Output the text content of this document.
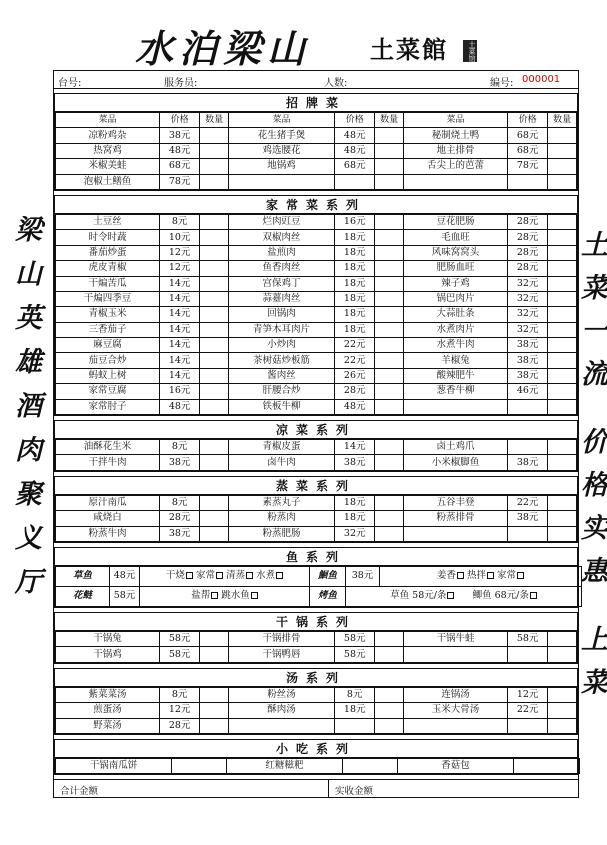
水泊梁山 土菜館	土菜馆
梁山英雄酒肉聚义厅	土菜一流 价格实惠 上菜
台号:	服务员:	人数:	编号: 000001
招牌菜
菜品	价格	数量	菜品	价格	数量	菜品	价格	数量
凉粉鸡杂	38元		花生猪手煲	48元		秘制烧土鸭	68元	
热窝鸡	48元		鸡选腰花	48元		地主排骨	68元	
米椒美蛙	68元		地锅鸡	68元		舌尖上的芭蕾	78元	
泡椒土鳝鱼	78元							
家常菜系列
土豆丝	8元		烂肉豇豆	16元		豆花肥肠	28元	
时令时蔬	10元		双椒肉丝	18元		毛血旺	28元	
番茄炒蛋	12元		盐煎肉	18元		风味窝窝头	28元	
虎皮青椒	12元		鱼香肉丝	18元		肥肠血旺	28元	
干煸苦瓜	14元		宫保鸡丁	18元		辣子鸡	32元	
干煸四季豆	14元		蒜薹肉丝	18元		锅巴肉片	32元	
青椒玉米	14元		回锅肉	18元		大蒜肚条	32元	
三香茄子	14元		青笋木耳肉片	18元		水煮肉片	32元	
麻豆腐	14元		小炒肉	22元		水煮牛肉	38元	
茄豆合炒	14元		茶树菇炒板筋	22元		羊椒兔	38元	
蚂蚁上树	14元		酱肉丝	26元		酸辣肥牛	38元	
家常豆腐	16元		肝腰合炒	28元		葱香牛柳	46元	
家常肘子	48元		铁板牛柳	48元				
凉菜系列
油酥花生米	8元		青椒皮蛋	14元		卤土鸡爪		
干拌牛肉	38元		卤牛肉	38元		小米椒脚鱼	38元	
蒸菜系列
原汁南瓜	8元		素蒸丸子	18元		五谷丰登	22元	
咸烧白	28元		粉蒸肉	18元		粉蒸排骨	38元	
粉蒸牛肉	38元		粉蒸肥肠	32元				
鱼系列
草鱼	48元	干烧 家常 清蒸 水煮	鮰鱼	38元	姜香 热拌 家常
花鲢	58元	盐帮 跳水鱼	烤鱼	草鱼 58元/条 鲫鱼 68元/条	
干锅系列
干锅兔	58元		干锅排骨	58元		干锅牛蛙	58元	
干锅鸡	58元		干锅鸭唇	58元				
汤系列
紫菜菜汤	8元		粉丝汤	8元		连锅汤	12元	
煎蛋汤	12元		酥肉汤	18元		玉米大骨汤	22元	
野菜汤	28元							
小吃系列
干锅南瓜饼		红糖糍粑		香菇包	
合计金额	实收金额
